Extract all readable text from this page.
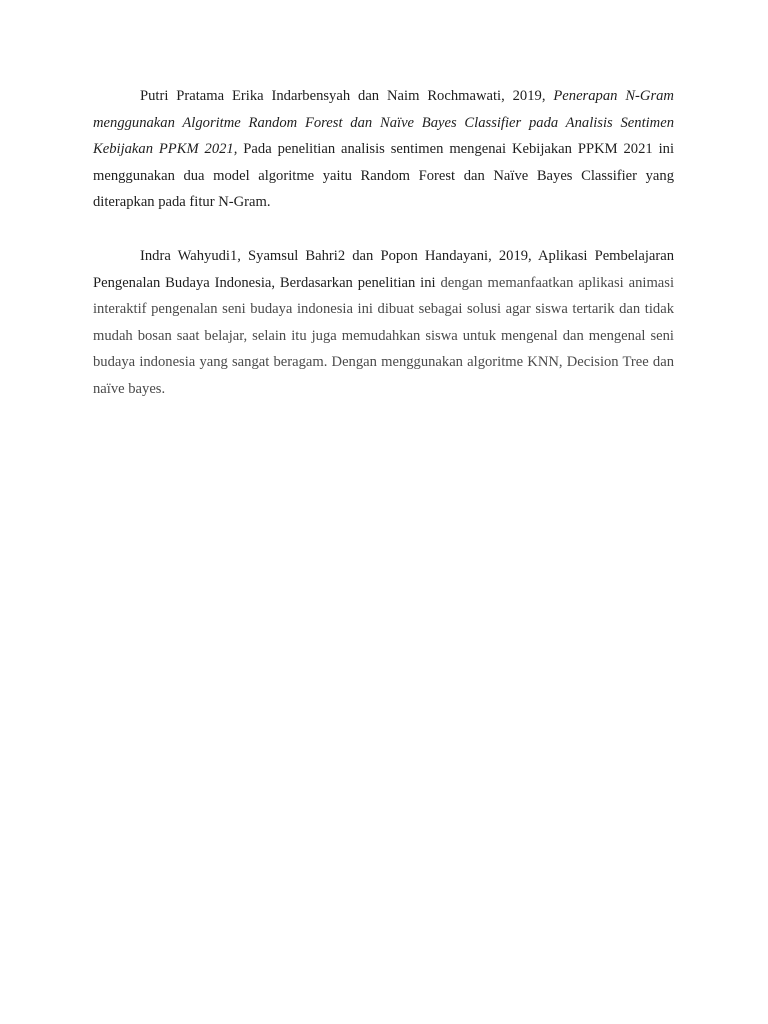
Putri Pratama Erika Indarbensyah dan Naim Rochmawati, 2019, Penerapan N-Gram menggunakan Algoritme Random Forest dan Naïve Bayes Classifier pada Analisis Sentimen Kebijakan PPKM 2021, Pada penelitian analisis sentimen mengenai Kebijakan PPKM 2021 ini menggunakan dua model algoritme yaitu Random Forest dan Naïve Bayes Classifier yang diterapkan pada fitur N-Gram.

Indra Wahyudi1, Syamsul Bahri2 dan Popon Handayani, 2019, Aplikasi Pembelajaran Pengenalan Budaya Indonesia, Berdasarkan penelitian ini dengan memanfaatkan aplikasi animasi interaktif pengenalan seni budaya indonesia ini dibuat sebagai solusi agar siswa tertarik dan tidak mudah bosan saat belajar, selain itu juga memudahkan siswa untuk mengenal dan mengenal seni budaya indonesia yang sangat beragam. Dengan menggunakan algoritme KNN, Decision Tree dan naïve bayes.
